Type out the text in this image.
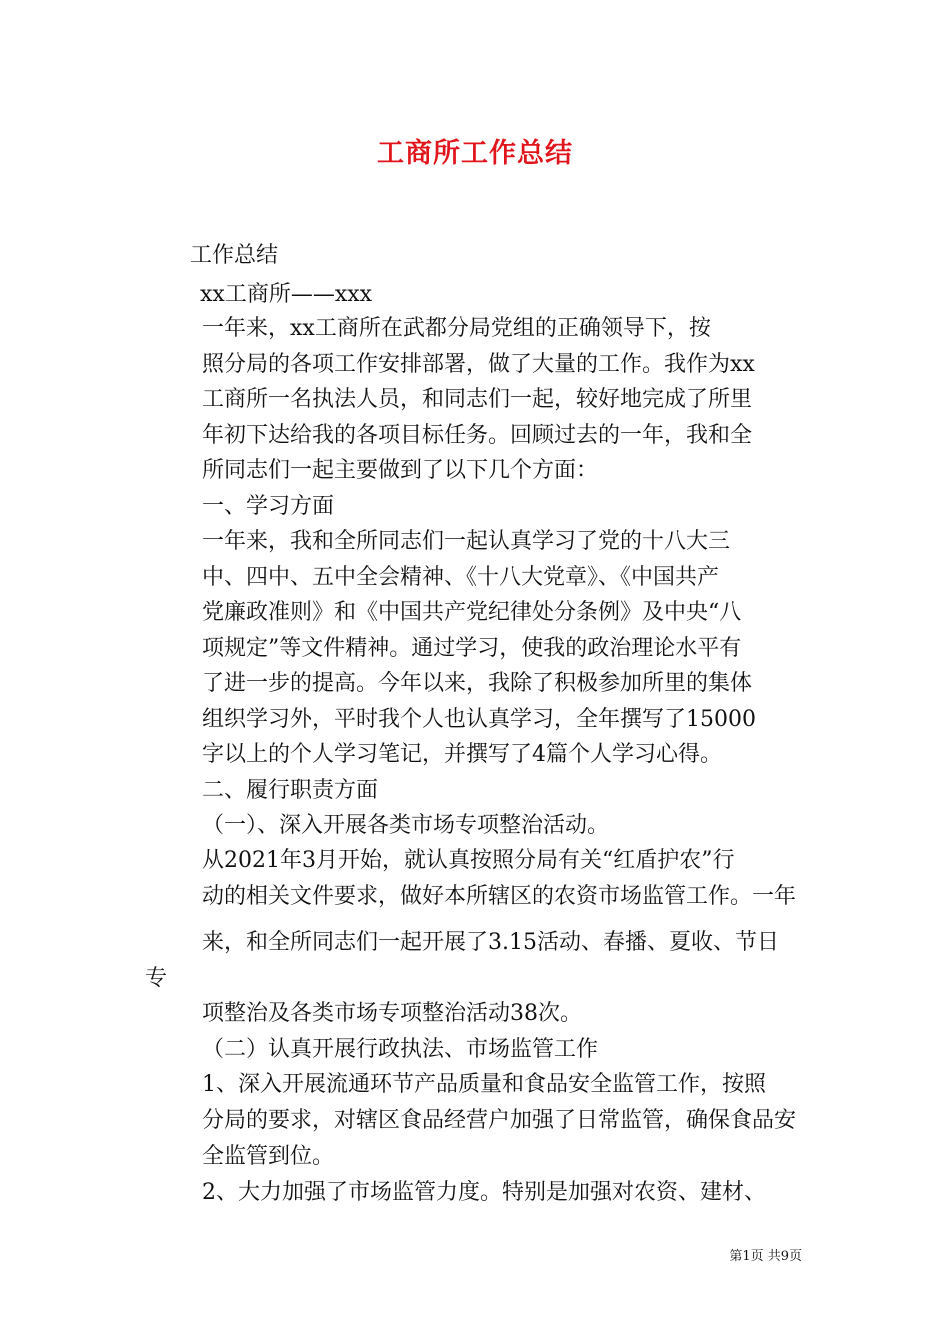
工商所工作总结
工作总结
xx工商所——xxx
一年来，xx工商所在武都分局党组的正确领导下，按
照分局的各项工作安排部署，做了大量的工作。我作为xx
工商所一名执法人员，和同志们一起，较好地完成了所里
年初下达给我的各项目标任务。回顾过去的一年，我和全
所同志们一起主要做到了以下几个方面：
一、学习方面
一年来，我和全所同志们一起认真学习了党的十八大三
中、四中、五中全会精神、《十八大党章》、《中国共产
党廉政准则》和《中国共产党纪律处分条例》及中央“八
项规定”等文件精神。通过学习，使我的政治理论水平有
了进一步的提高。今年以来，我除了积极参加所里的集体
组织学习外，平时我个人也认真学习，全年撰写了15000
字以上的个人学习笔记，并撰写了4篇个人学习心得。
二、履行职责方面
（一）、深入开展各类市场专项整治活动。
从2021年3月开始，就认真按照分局有关“红盾护农”行
动的相关文件要求，做好本所辖区的农资市场监管工作。一年
来，和全所同志们一起开展了3.15活动、春播、夏收、节日
专
项整治及各类市场专项整治活动38次。
（二）认真开展行政执法、市场监管工作
1、深入开展流通环节产品质量和食品安全监管工作，按照
分局的要求，对辖区食品经营户加强了日常监管，确保食品安
全监管到位。
2、大力加强了市场监管力度。特别是加强对农资、建材、
第1页 共9页
